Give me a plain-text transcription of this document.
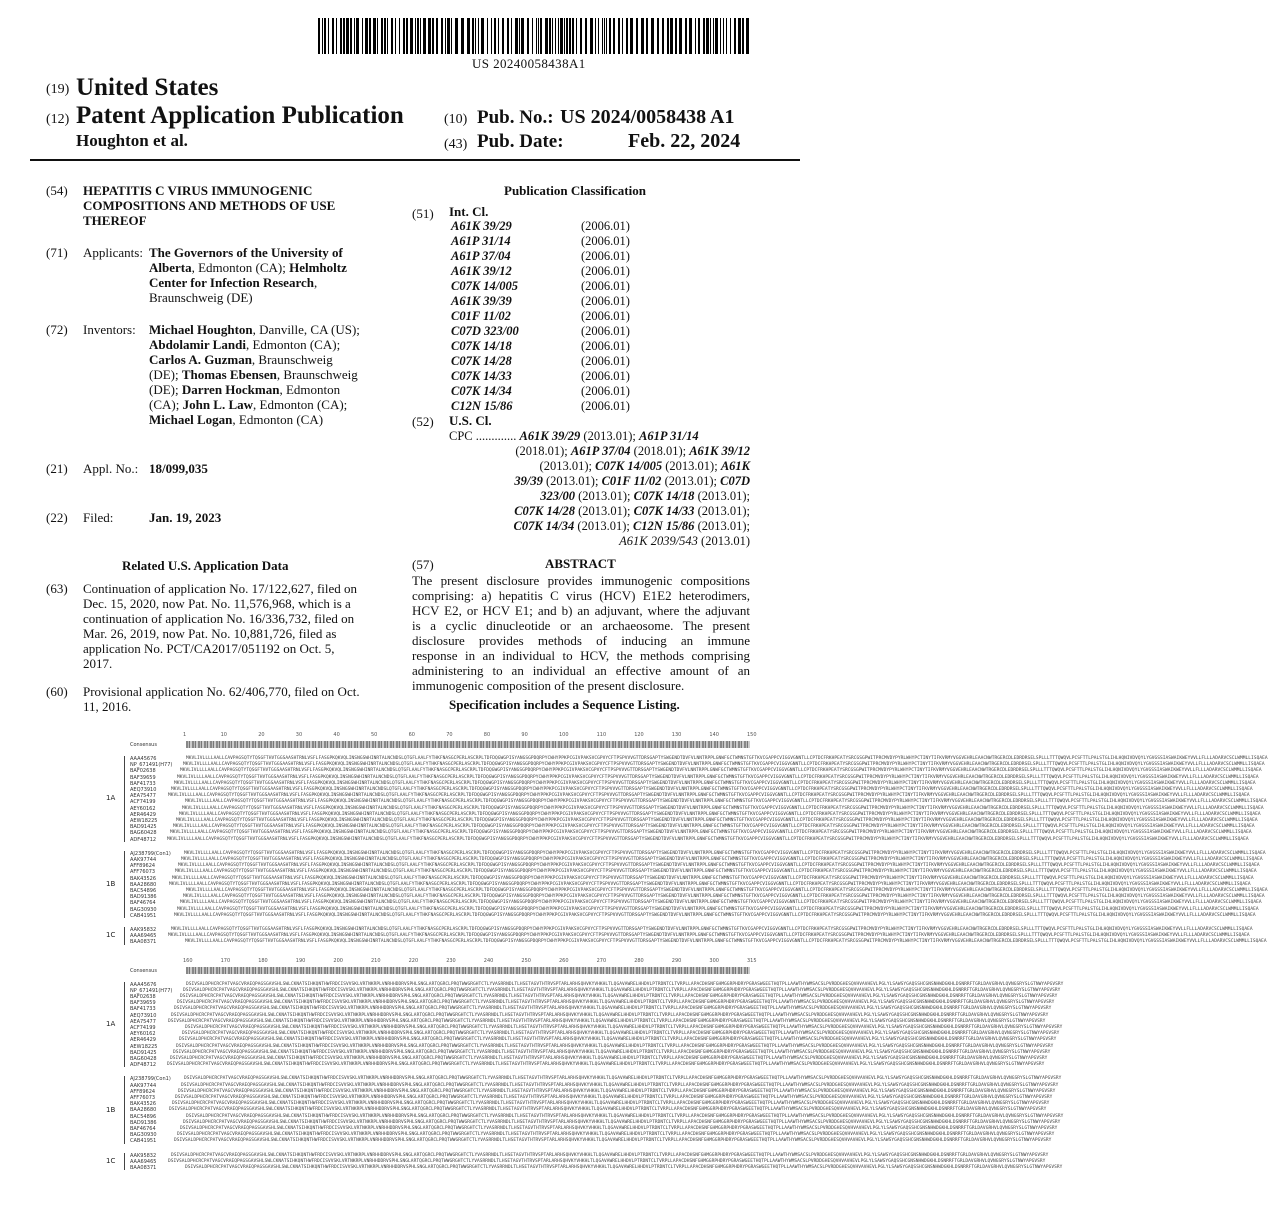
US 20240058438A1
(19) United States
(12) Patent Application Publication
Houghton et al.
(10) Pub. No.: US 2024/0058438 A1
(43) Pub. Date:	Feb. 22, 2024
(54) HEPATITIS C VIRUS IMMUNOGENIC
COMPOSITIONS AND METHODS OF USE
THEREOF
(71) Applicants: The Governors of the University of
Alberta, Edmonton (CA); Helmholtz
Center for Infection Research,
Braunschweig (DE)
(72) Inventors: Michael Houghton, Danville, CA (US);
Abdolamir Landi, Edmonton (CA);
Carlos A. Guzman, Braunschweig
(DE); Thomas Ebensen, Braunschweig
(DE); Darren Hockman, Edmonton
(CA); John L. Law, Edmonton (CA);
Michael Logan, Edmonton (CA)
(21) Appl. No.: 18/099,035
(22) Filed:	Jan. 19, 2023
Related U.S. Application Data
(63) Continuation of application No. 17/122,627, filed on
Dec. 15, 2020, now Pat. No. 11,576,968, which is a
continuation of application No. 16/336,732, filed on
Mar. 26, 2019, now Pat. No. 10,881,726, filed as
application No. PCT/CA2017/051192 on Oct. 5,
2017.
(60) Provisional application No. 62/406,770, filed on Oct.
11, 2016.
Publication Classification
(51) Int. Cl.
A61K 39/29	(2006.01)
A61P 31/14	(2006.01)
A61P 37/04	(2006.01)
A61K 39/12	(2006.01)
C07K 14/005	(2006.01)
A61K 39/39	(2006.01)
C01F 11/02	(2006.01)
C07D 323/00	(2006.01)
C07K 14/18	(2006.01)
C07K 14/28	(2006.01)
C07K 14/33	(2006.01)
C07K 14/34	(2006.01)
C12N 15/86	(2006.01)
(52) U.S. Cl.
CPC ............. A61K 39/29 (2013.01); A61P 31/14
(2018.01); A61P 37/04 (2018.01); A61K 39/12
(2013.01); C07K 14/005 (2013.01); A61K
39/39 (2013.01); C01F 11/02 (2013.01); C07D
323/00 (2013.01); C07K 14/18 (2013.01);
C07K 14/28 (2013.01); C07K 14/33 (2013.01);
C07K 14/34 (2013.01); C12N 15/86 (2013.01);
A61K 2039/543 (2013.01)
(57)	ABSTRACT
The present disclosure provides immunogenic compositions
comprising: a) hepatitis C virus (HCV) E1E2 heterodimers,
HCV E2, or HCV E1; and b) an adjuvant, where the adjuvant
is a cyclic dinucleotide or an archaeosome. The present
disclosure provides methods of inducing an immune
response in an individual to HCV, the methods comprising
administering to an individual an effective amount of an
immunogenic composition of the present disclosure.
Specification includes a Sequence Listing.
1	10	20	30	40	50	60	70	80	90	100	110	120	130	140	150
Consensus
AAA45676	MKVLIVLLLLAALLCAVPAGSQTYTQSGFTHVTGGSAASHTRNLVSFLFASGPKQKVQLINSNGSWHINRTALNCNDSLQTGFLAALFYTHKFNASGCPERLASCRPLTDFDQGWGPISYANGSGPDQRPYCWHYPPKPCGIVPAKSVCGPVYCFTPSPVVVGTTDRSGAPTYSWGENDTDVFVLNNTRPPLGNWFGCTWMNSTGFTKVCGAPPCVIGGVGNNTLLCPTDCFRKHPEATYSRCGSGPWITPRCMVDYPYRLWHYPCTINYTIFKVRMYVGGVEHRLEAACNWTRGERCDLEDRDRSELSPLLLTTTQWQVLPCSFTTLPALSTGLIHLHQNIVDVQYLYGVGSSIASWAIKWEYVVLLFLLLADARVCSCLWMMLLISQAEA
NP_671491(H77) MKVLIVLLLLAALLCAVPAGSQTYTQSGFTHVTGGSAASHTRNLVSFLFASGPKQKVQLINSNGSWHINRTALNCNDSLQTGFLAALFYTHKFNASGCPERLASCRPLTDFDQGWGPISYANGSGPDQRPYCWHYPPKPCGIVPAKSVCGPVYCFTPSPVVVGTTDRSGAPTYSWGENDTDVFVLNNTRPPLGNWFGCTWMNSTGFTKVCGAPPCVIGGVGNNTLLCPTDCFRKHPEATYSRCGSGPWITPRCMVDYPYRLWHYPCTINYTIFKVRMYVGGVEHRLEAACNWTRGERCDLEDRDRSELSPLLLTTTQWQVLPCSFTTLPALSTGLIHLHQNIVDVQYLYGVGSSIASWAIKWEYVVLLFLLLADARVCSCLWMMLLISQAEA
BAF02638	MKVLIVLLLLAALLCAVPAGSQTYTQSGFTHVTGGSAASHTRNLVSFLFASGPKQKVQLINSNGSWHINRTALNCNDSLQTGFLAALFYTHKFNASGCPERLASCRPLTDFDQGWGPISYANGSGPDQRPYCWHYPPKPCGIVPAKSVCGPVYCFTPSPVVVGTTDRSGAPTYSWGENDTDVFVLNNTRPPLGNWFGCTWMNSTGFTKVCGAPPCVIGGVGNNTLLCPTDCFRKHPEATYSRCGSGPWITPRCMVDYPYRLWHYPCTINYTIFKVRMYVGGVEHRLEAACNWTRGERCDLEDRDRSELSPLLLTTTQWQVLPCSFTTLPALSTGLIHLHQNIVDVQYLYGVGSSIASWAIKWEYVVLLFLLLADARVCSCLWMMLLISQAEA
BAF39659	MKVLIVLLLLAALLCAVPAGSQTYTQSGFTHVTGGSAASHTRNLVSFLFASGPKQKVQLINSNGSWHINRTALNCNDSLQTGFLAALFYTHKFNASGCPERLASCRPLTDFDQGWGPISYANGSGPDQRPYCWHYPPKPCGIVPAKSVCGPVYCFTPSPVVVGTTDRSGAPTYSWGENDTDVFVLNNTRPPLGNWFGCTWMNSTGFTKVCGAPPCVIGGVGNNTLLCPTDCFRKHPEATYSRCGSGPWITPRCMVDYPYRLWHYPCTINYTIFKVRMYVGGVEHRLEAACNWTRGERCDLEDRDRSELSPLLLTTTQWQVLPCSFTTLPALSTGLIHLHQNIVDVQYLYGVGSSIASWAIKWEYVVLLFLLLADARVCSCLWMMLLISQAEA
BAF41733	MKVLIVLLLLAALLCAVPAGSQTYTQSGFTHVTGGSAASHTRNLVSFLFASGPKQKVQLINSNGSWHINRTALNCNDSLQTGFLAALFYTHKFNASGCPERLASCRPLTDFDQGWGPISYANGSGPDQRPYCWHYPPKPCGIVPAKSVCGPVYCFTPSPVVVGTTDRSGAPTYSWGENDTDVFVLNNTRPPLGNWFGCTWMNSTGFTKVCGAPPCVIGGVGNNTLLCPTDCFRKHPEATYSRCGSGPWITPRCMVDYPYRLWHYPCTINYTIFKVRMYVGGVEHRLEAACNWTRGERCDLEDRDRSELSPLLLTTTQWQVLPCSFTTLPALSTGLIHLHQNIVDVQYLYGVGSSIASWAIKWEYVVLLFLLLADARVCSCLWMMLLISQAEA
AEQ73910	MKVLIVLLLLAALLCAVPAGSQTYTQSGFTHVTGGSAASHTRNLVSFLFASGPKQKVQLINSNGSWHINRTALNCNDSLQTGFLAALFYTHKFNASGCPERLASCRPLTDFDQGWGPISYANGSGPDQRPYCWHYPPKPCGIVPAKSVCGPVYCFTPSPVVVGTTDRSGAPTYSWGENDTDVFVLNNTRPPLGNWFGCTWMNSTGFTKVCGAPPCVIGGVGNNTLLCPTDCFRKHPEATYSRCGSGPWITPRCMVDYPYRLWHYPCTINYTIFKVRMYVGGVEHRLEAACNWTRGERCDLEDRDRSELSPLLLTTTQWQVLPCSFTTLPALSTGLIHLHQNIVDVQYLYGVGSSIASWAIKWEYVVLLFLLLADARVCSCLWMMLLISQAEA
AEA75477	MKVLIVLLLLAALLCAVPAGSQTYTQSGFTHVTGGSAASHTRNLVSFLFASGPKQKVQLINSNGSWHINRTALNCNDSLQTGFLAALFYTHKFNASGCPERLASCRPLTDFDQGWGPISYANGSGPDQRPYCWHYPPKPCGIVPAKSVCGPVYCFTPSPVVVGTTDRSGAPTYSWGENDTDVFVLNNTRPPLGNWFGCTWMNSTGFTKVCGAPPCVIGGVGNNTLLCPTDCFRKHPEATYSRCGSGPWITPRCMVDYPYRLWHYPCTINYTIFKVRMYVGGVEHRLEAACNWTRGERCDLEDRDRSELSPLLLTTTQWQVLPCSFTTLPALSTGLIHLHQNIVDVQYLYGVGSSIASWAIKWEYVVLLFLLLADARVCSCLWMMLLISQAEA
ACF74199	MKVLIVLLLLAALLCAVPAGSQTYTQSGFTHVTGGSAASHTRNLVSFLFASGPKQKVQLINSNGSWHINRTALNCNDSLQTGFLAALFYTHKFNASGCPERLASCRPLTDFDQGWGPISYANGSGPDQRPYCWHYPPKPCGIVPAKSVCGPVYCFTPSPVVVGTTDRSGAPTYSWGENDTDVFVLNNTRPPLGNWFGCTWMNSTGFTKVCGAPPCVIGGVGNNTLLCPTDCFRKHPEATYSRCGSGPWITPRCMVDYPYRLWHYPCTINYTIFKVRMYVGGVEHRLEAACNWTRGERCDLEDRDRSELSPLLLTTTQWQVLPCSFTTLPALSTGLIHLHQNIVDVQYLYGVGSSIASWAIKWEYVVLLFLLLADARVCSCLWMMLLISQAEA
AEY60162	MKVLIVLLLLAALLCAVPAGSQTYTQSGFTHVTGGSAASHTRNLVSFLFASGPKQKVQLINSNGSWHINRTALNCNDSLQTGFLAALFYTHKFNASGCPERLASCRPLTDFDQGWGPISYANGSGPDQRPYCWHYPPKPCGIVPAKSVCGPVYCFTPSPVVVGTTDRSGAPTYSWGENDTDVFVLNNTRPPLGNWFGCTWMNSTGFTKVCGAPPCVIGGVGNNTLLCPTDCFRKHPEATYSRCGSGPWITPRCMVDYPYRLWHYPCTINYTIFKVRMYVGGVEHRLEAACNWTRGERCDLEDRDRSELSPLLLTTTQWQVLPCSFTTLPALSTGLIHLHQNIVDVQYLYGVGSSIASWAIKWEYVVLLFLLLADARVCSCLWMMLLISQAEA
AER46429	MKVLIVLLLLAALLCAVPAGSQTYTQSGFTHVTGGSAASHTRNLVSFLFASGPKQKVQLINSNGSWHINRTALNCNDSLQTGFLAALFYTHKFNASGCPERLASCRPLTDFDQGWGPISYANGSGPDQRPYCWHYPPKPCGIVPAKSVCGPVYCFTPSPVVVGTTDRSGAPTYSWGENDTDVFVLNNTRPPLGNWFGCTWMNSTGFTKVCGAPPCVIGGVGNNTLLCPTDCFRKHPEATYSRCGSGPWITPRCMVDYPYRLWHYPCTINYTIFKVRMYVGGVEHRLEAACNWTRGERCDLEDRDRSELSPLLLTTTQWQVLPCSFTTLPALSTGLIHLHQNIVDVQYLYGVGSSIASWAIKWEYVVLLFLLLADARVCSCLWMMLLISQAEA
AEW18225	MKVLIVLLLLAALLCAVPAGSQTYTQSGFTHVTGGSAASHTRNLVSFLFASGPKQKVQLINSNGSWHINRTALNCNDSLQTGFLAALFYTHKFNASGCPERLASCRPLTDFDQGWGPISYANGSGPDQRPYCWHYPPKPCGIVPAKSVCGPVYCFTPSPVVVGTTDRSGAPTYSWGENDTDVFVLNNTRPPLGNWFGCTWMNSTGFTKVCGAPPCVIGGVGNNTLLCPTDCFRKHPEATYSRCGSGPWITPRCMVDYPYRLWHYPCTINYTIFKVRMYVGGVEHRLEAACNWTRGERCDLEDRDRSELSPLLLTTTQWQVLPCSFTTLPALSTGLIHLHQNIVDVQYLYGVGSSIASWAIKWEYVVLLFLLLADARVCSCLWMMLLISQAEA
BAD91425	MKVLIVLLLLAALLCAVPAGSQTYTQSGFTHVTGGSAASHTRNLVSFLFASGPKQKVQLINSNGSWHINRTALNCNDSLQTGFLAALFYTHKFNASGCPERLASCRPLTDFDQGWGPISYANGSGPDQRPYCWHYPPKPCGIVPAKSVCGPVYCFTPSPVVVGTTDRSGAPTYSWGENDTDVFVLNNTRPPLGNWFGCTWMNSTGFTKVCGAPPCVIGGVGNNTLLCPTDCFRKHPEATYSRCGSGPWITPRCMVDYPYRLWHYPCTINYTIFKVRMYVGGVEHRLEAACNWTRGERCDLEDRDRSELSPLLLTTTQWQVLPCSFTTLPALSTGLIHLHQNIVDVQYLYGVGSSIASWAIKWEYVVLLFLLLADARVCSCLWMMLLISQAEA
BAG60428	MKVLIVLLLLAALLCAVPAGSQTYTQSGFTHVTGGSAASHTRNLVSFLFASGPKQKVQLINSNGSWHINRTALNCNDSLQTGFLAALFYTHKFNASGCPERLASCRPLTDFDQGWGPISYANGSGPDQRPYCWHYPPKPCGIVPAKSVCGPVYCFTPSPVVVGTTDRSGAPTYSWGENDTDVFVLNNTRPPLGNWFGCTWMNSTGFTKVCGAPPCVIGGVGNNTLLCPTDCFRKHPEATYSRCGSGPWITPRCMVDYPYRLWHYPCTINYTIFKVRMYVGGVEHRLEAACNWTRGERCDLEDRDRSELSPLLLTTTQWQVLPCSFTTLPALSTGLIHLHQNIVDVQYLYGVGSSIASWAIKWEYVVLLFLLLADARVCSCLWMMLLISQAEA
ADF48712 MKVLIVLLLLAALLCAVPAGSQTYTQSGFTHVTGGSAASHTRNLVSFLFASGPKQKVQLINSNGSWHINRTALNCNDSLQTGFLAALFYTHKFNASGCPERLASCRPLTDFDQGWGPISYANGSGPDQRPYCWHYPPKPCGIVPAKSVCGPVYCFTPSPVVVGTTDRSGAPTYSWGENDTDVFVLNNTRPPLGNWFGCTWMNSTGFTKVCGAPPCVIGGVGNNTLLCPTDCFRKHPEATYSRCGSGPWITPRCMVDYPYRLWHYPCTINYTIFKVRMYVGGVEHRLEAACNWTRGERCDLEDRDRSELSPLLLTTTQWQVLPCSFTTLPALSTGLIHLHQNIVDVQYLYGVGSSIASWAIKWEYVVLLFLLLADARVCSCLWMMLLISQAEA
1A
AJ238799(Con1)	MKVLIVLLLLAALLCAVPAGSQTYTQSGFTHVTGGSAASHTRNLVSFLFASGPKQKVQLINSNGSWHINRTALNCNDSLQTGFLAALFYTHKFNASGCPERLASCRPLTDFDQGWGPISYANGSGPDQRPYCWHYPPKPCGIVPAKSVCGPVYCFTPSPVVVGTTDRSGAPTYSWGENDTDVFVLNNTRPPLGNWFGCTWMNSTGFTKVCGAPPCVIGGVGNNTLLCPTDCFRKHPEATYSRCGSGPWITPRCMVDYPYRLWHYPCTINYTIFKVRMYVGGVEHRLEAACNWTRGERCDLEDRDRSELSPLLLTTTQWQVLPCSFTTLPALSTGLIHLHQNIVDVQYLYGVGSSIASWAIKWEYVVLLFLLLADARVCSCLWMMLLISQAEA
AAK97744	MKVLIVLLLLAALLCAVPAGSQTYTQSGFTHVTGGSAASHTRNLVSFLFASGPKQKVQLINSNGSWHINRTALNCNDSLQTGFLAALFYTHKFNASGCPERLASCRPLTDFDQGWGPISYANGSGPDQRPYCWHYPPKPCGIVPAKSVCGPVYCFTPSPVVVGTTDRSGAPTYSWGENDTDVFVLNNTRPPLGNWFGCTWMNSTGFTKVCGAPPCVIGGVGNNTLLCPTDCFRKHPEATYSRCGSGPWITPRCMVDYPYRLWHYPCTINYTIFKVRMYVGGVEHRLEAACNWTRGERCDLEDRDRSELSPLLLTTTQWQVLPCSFTTLPALSTGLIHLHQNIVDVQYLYGVGSSIASWAIKWEYVVLLFLLLADARVCSCLWMMLLISQAEA
AFF89624	MKVLIVLLLLAALLCAVPAGSQTYTQSGFTHVTGGSAASHTRNLVSFLFASGPKQKVQLINSNGSWHINRTALNCNDSLQTGFLAALFYTHKFNASGCPERLASCRPLTDFDQGWGPISYANGSGPDQRPYCWHYPPKPCGIVPAKSVCGPVYCFTPSPVVVGTTDRSGAPTYSWGENDTDVFVLNNTRPPLGNWFGCTWMNSTGFTKVCGAPPCVIGGVGNNTLLCPTDCFRKHPEATYSRCGSGPWITPRCMVDYPYRLWHYPCTINYTIFKVRMYVGGVEHRLEAACNWTRGERCDLEDRDRSELSPLLLTTTQWQVLPCSFTTLPALSTGLIHLHQNIVDVQYLYGVGSSIASWAIKWEYVVLLFLLLADARVCSCLWMMLLISQAEA
AFF76073	MKVLIVLLLLAALLCAVPAGSQTYTQSGFTHVTGGSAASHTRNLVSFLFASGPKQKVQLINSNGSWHINRTALNCNDSLQTGFLAALFYTHKFNASGCPERLASCRPLTDFDQGWGPISYANGSGPDQRPYCWHYPPKPCGIVPAKSVCGPVYCFTPSPVVVGTTDRSGAPTYSWGENDTDVFVLNNTRPPLGNWFGCTWMNSTGFTKVCGAPPCVIGGVGNNTLLCPTDCFRKHPEATYSRCGSGPWITPRCMVDYPYRLWHYPCTINYTIFKVRMYVGGVEHRLEAACNWTRGERCDLEDRDRSELSPLLLTTTQWQVLPCSFTTLPALSTGLIHLHQNIVDVQYLYGVGSSIASWAIKWEYVVLLFLLLADARVCSCLWMMLLISQAEA
BAK43526	MKVLIVLLLLAALLCAVPAGSQTYTQSGFTHVTGGSAASHTRNLVSFLFASGPKQKVQLINSNGSWHINRTALNCNDSLQTGFLAALFYTHKFNASGCPERLASCRPLTDFDQGWGPISYANGSGPDQRPYCWHYPPKPCGIVPAKSVCGPVYCFTPSPVVVGTTDRSGAPTYSWGENDTDVFVLNNTRPPLGNWFGCTWMNSTGFTKVCGAPPCVIGGVGNNTLLCPTDCFRKHPEATYSRCGSGPWITPRCMVDYPYRLWHYPCTINYTIFKVRMYVGGVEHRLEAACNWTRGERCDLEDRDRSELSPLLLTTTQWQVLPCSFTTLPALSTGLIHLHQNIVDVQYLYGVGSSIASWAIKWEYVVLLFLLLADARVCSCLWMMLLISQAEA
BAA28680	MKVLIVLLLLAALLCAVPAGSQTYTQSGFTHVTGGSAASHTRNLVSFLFASGPKQKVQLINSNGSWHINRTALNCNDSLQTGFLAALFYTHKFNASGCPERLASCRPLTDFDQGWGPISYANGSGPDQRPYCWHYPPKPCGIVPAKSVCGPVYCFTPSPVVVGTTDRSGAPTYSWGENDTDVFVLNNTRPPLGNWFGCTWMNSTGFTKVCGAPPCVIGGVGNNTLLCPTDCFRKHPEATYSRCGSGPWITPRCMVDYPYRLWHYPCTINYTIFKVRMYVGGVEHRLEAACNWTRGERCDLEDRDRSELSPLLLTTTQWQVLPCSFTTLPALSTGLIHLHQNIVDVQYLYGVGSSIASWAIKWEYVVLLFLLLADARVCSCLWMMLLISQAEA
BAC54896	MKVLIVLLLLAALLCAVPAGSQTYTQSGFTHVTGGSAASHTRNLVSFLFASGPKQKVQLINSNGSWHINRTALNCNDSLQTGFLAALFYTHKFNASGCPERLASCRPLTDFDQGWGPISYANGSGPDQRPYCWHYPPKPCGIVPAKSVCGPVYCFTPSPVVVGTTDRSGAPTYSWGENDTDVFVLNNTRPPLGNWFGCTWMNSTGFTKVCGAPPCVIGGVGNNTLLCPTDCFRKHPEATYSRCGSGPWITPRCMVDYPYRLWHYPCTINYTIFKVRMYVGGVEHRLEAACNWTRGERCDLEDRDRSELSPLLLTTTQWQVLPCSFTTLPALSTGLIHLHQNIVDVQYLYGVGSSIASWAIKWEYVVLLFLLLADARVCSCLWMMLLISQAEA
BAD91386	MKVLIVLLLLAALLCAVPAGSQTYTQSGFTHVTGGSAASHTRNLVSFLFASGPKQKVQLINSNGSWHINRTALNCNDSLQTGFLAALFYTHKFNASGCPERLASCRPLTDFDQGWGPISYANGSGPDQRPYCWHYPPKPCGIVPAKSVCGPVYCFTPSPVVVGTTDRSGAPTYSWGENDTDVFVLNNTRPPLGNWFGCTWMNSTGFTKVCGAPPCVIGGVGNNTLLCPTDCFRKHPEATYSRCGSGPWITPRCMVDYPYRLWHYPCTINYTIFKVRMYVGGVEHRLEAACNWTRGERCDLEDRDRSELSPLLLTTTQWQVLPCSFTTLPALSTGLIHLHQNIVDVQYLYGVGSSIASWAIKWEYVVLLFLLLADARVCSCLWMMLLISQAEA
BAF46764	MKVLIVLLLLAALLCAVPAGSQTYTQSGFTHVTGGSAASHTRNLVSFLFASGPKQKVQLINSNGSWHINRTALNCNDSLQTGFLAALFYTHKFNASGCPERLASCRPLTDFDQGWGPISYANGSGPDQRPYCWHYPPKPCGIVPAKSVCGPVYCFTPSPVVVGTTDRSGAPTYSWGENDTDVFVLNNTRPPLGNWFGCTWMNSTGFTKVCGAPPCVIGGVGNNTLLCPTDCFRKHPEATYSRCGSGPWITPRCMVDYPYRLWHYPCTINYTIFKVRMYVGGVEHRLEAACNWTRGERCDLEDRDRSELSPLLLTTTQWQVLPCSFTTLPALSTGLIHLHQNIVDVQYLYGVGSSIASWAIKWEYVVLLFLLLADARVCSCLWMMLLISQAEA
BAG30930	MKVLIVLLLLAALLCAVPAGSQTYTQSGFTHVTGGSAASHTRNLVSFLFASGPKQKVQLINSNGSWHINRTALNCNDSLQTGFLAALFYTHKFNASGCPERLASCRPLTDFDQGWGPISYANGSGPDQRPYCWHYPPKPCGIVPAKSVCGPVYCFTPSPVVVGTTDRSGAPTYSWGENDTDVFVLNNTRPPLGNWFGCTWMNSTGFTKVCGAPPCVIGGVGNNTLLCPTDCFRKHPEATYSRCGSGPWITPRCMVDYPYRLWHYPCTINYTIFKVRMYVGGVEHRLEAACNWTRGERCDLEDRDRSELSPLLLTTTQWQVLPCSFTTLPALSTGLIHLHQNIVDVQYLYGVGSSIASWAIKWEYVVLLFLLLADARVCSCLWMMLLISQAEA
CAB41951	MKVLIVLLLLAALLCAVPAGSQTYTQSGFTHVTGGSAASHTRNLVSFLFASGPKQKVQLINSNGSWHINRTALNCNDSLQTGFLAALFYTHKFNASGCPERLASCRPLTDFDQGWGPISYANGSGPDQRPYCWHYPPKPCGIVPAKSVCGPVYCFTPSPVVVGTTDRSGAPTYSWGENDTDVFVLNNTRPPLGNWFGCTWMNSTGFTKVCGAPPCVIGGVGNNTLLCPTDCFRKHPEATYSRCGSGPWITPRCMVDYPYRLWHYPCTINYTIFKVRMYVGGVEHRLEAACNWTRGERCDLEDRDRSELSPLLLTTTQWQVLPCSFTTLPALSTGLIHLHQNIVDVQYLYGVGSSIASWAIKWEYVVLLFLLLADARVCSCLWMMLLISQAEA
1B
AAK95832	MKVLIVLLLLAALLCAVPAGSQTYTQSGFTHVTGGSAASHTRNLVSFLFASGPKQKVQLINSNGSWHINRTALNCNDSLQTGFLAALFYTHKFNASGCPERLASCRPLTDFDQGWGPISYANGSGPDQRPYCWHYPPKPCGIVPAKSVCGPVYCFTPSPVVVGTTDRSGAPTYSWGENDTDVFVLNNTRPPLGNWFGCTWMNSTGFTKVCGAPPCVIGGVGNNTLLCPTDCFRKHPEATYSRCGSGPWITPRCMVDYPYRLWHYPCTINYTIFKVRMYVGGVEHRLEAACNWTRGERCDLEDRDRSELSPLLLTTTQWQVLPCSFTTLPALSTGLIHLHQNIVDVQYLYGVGSSIASWAIKWEYVVLLFLLLADARVCSCLWMMLLISQAEA
AAA69465	MKVLIVLLLLAALLCAVPAGSQTYTQSGFTHVTGGSAASHTRNLVSFLFASGPKQKVQLINSNGSWHINRTALNCNDSLQTGFLAALFYTHKFNASGCPERLASCRPLTDFDQGWGPISYANGSGPDQRPYCWHYPPKPCGIVPAKSVCGPVYCFTPSPVVVGTTDRSGAPTYSWGENDTDVFVLNNTRPPLGNWFGCTWMNSTGFTKVCGAPPCVIGGVGNNTLLCPTDCFRKHPEATYSRCGSGPWITPRCMVDYPYRLWHYPCTINYTIFKVRMYVGGVEHRLEAACNWTRGERCDLEDRDRSELSPLLLTTTQWQVLPCSFTTLPALSTGLIHLHQNIVDVQYLYGVGSSIASWAIKWEYVVLLFLLLADARVCSCLWMMLLISQAEA
BAA08371	MKVLIVLLLLAALLCAVPAGSQTYTQSGFTHVTGGSAASHTRNLVSFLFASGPKQKVQLINSNGSWHINRTALNCNDSLQTGFLAALFYTHKFNASGCPERLASCRPLTDFDQGWGPISYANGSGPDQRPYCWHYPPKPCGIVPAKSVCGPVYCFTPSPVVVGTTDRSGAPTYSWGENDTDVFVLNNTRPPLGNWFGCTWMNSTGFTKVCGAPPCVIGGVGNNTLLCPTDCFRKHPEATYSRCGSGPWITPRCMVDYPYRLWHYPCTINYTIFKVRMYVGGVEHRLEAACNWTRGERCDLEDRDRSELSPLLLTTTQWQVLPCSFTTLPALSTGLIHLHQNIVDVQYLYGVGSSIASWAIKWEYVVLLFLLLADARVCSCLWMMLLISQAEA
1C
160	170	180	190	200	210	220	230	240	250	260	270	280	290	300	315
Consensus
AAA45676	DSIVSALDPHCRCPATVAGCVRAEQPAGSGAVSHLSWLCKNATSIHKQNTHWFRDCISVVSKLVRTNKRPLVNRHHDDRVSPHLSNGLARTQGRCLPRQTWWGRGHTCTLYVASRRNDLTLHSETAGVTHTRVSPTARLARHSQHVKYVHKHLTLQGAVAWRELHHDVLPTRDNTCLTVRPLLAPACDHSNFGHMGGRPHDRYPGRASWGEETHQTPLLAAWTHYWMSACSLPVRDDGHESQVHVAVHEVLPGLYLSAWSYGAQSSHCGNSNHWDGKHLDSNRRFTGRLDAVGRHVLQVNGSRYSLGTNWYAPGVSRY
NP_671491(H77) DSIVSALDPHCRCPATVAGCVRAEQPAGSGAVSHLSWLCKNATSIHKQNTHWFRDCISVVSKLVRTNKRPLVNRHHDDRVSPHLSNGLARTQGRCLPRQTWWGRGHTCTLYVASRRNDLTLHSETAGVTHTRVSPTARLARHSQHVKYVHKHLTLQGAVAWRELHHDVLPTRDNTCLTVRPLLAPACDHSNFGHMGGRPHDRYPGRASWGEETHQTPLLAAWTHYWMSACSLPVRDDGHESQVHVAVHEVLPGLYLSAWSYGAQSSHCGNSNHWDGKHLDSNRRFTGRLDAVGRHVLQVNGSRYSLGTNWYAPGVSRY
BAF02638	DSIVSALDPHCRCPATVAGCVRAEQPAGSGAVSHLSWLCKNATSIHKQNTHWFRDCISVVSKLVRTNKRPLVNRHHDDRVSPHLSNGLARTQGRCLPRQTWWGRGHTCTLYVASRRNDLTLHSETAGVTHTRVSPTARLARHSQHVKYVHKHLTLQGAVAWRELHHDVLPTRDNTCLTVRPLLAPACDHSNFGHMGGRPHDRYPGRASWGEETHQTPLLAAWTHYWMSACSLPVRDDGHESQVHVAVHEVLPGLYLSAWSYGAQSSHCGNSNHWDGKHLDSNRRFTGRLDAVGRHVLQVNGSRYSLGTNWYAPGVSRY
BAF39659	DSIVSALDPHCRCPATVAGCVRAEQPAGSGAVSHLSWLCKNATSIHKQNTHWFRDCISVVSKLVRTNKRPLVNRHHDDRVSPHLSNGLARTQGRCLPRQTWWGRGHTCTLYVASRRNDLTLHSETAGVTHTRVSPTARLARHSQHVKYVHKHLTLQGAVAWRELHHDVLPTRDNTCLTVRPLLAPACDHSNFGHMGGRPHDRYPGRASWGEETHQTPLLAAWTHYWMSACSLPVRDDGHESQVHVAVHEVLPGLYLSAWSYGAQSSHCGNSNHWDGKHLDSNRRFTGRLDAVGRHVLQVNGSRYSLGTNWYAPGVSRY
BAF41733	DSIVSALDPHCRCPATVAGCVRAEQPAGSGAVSHLSWLCKNATSIHKQNTHWFRDCISVVSKLVRTNKRPLVNRHHDDRVSPHLSNGLARTQGRCLPRQTWWGRGHTCTLYVASRRNDLTLHSETAGVTHTRVSPTARLARHSQHVKYVHKHLTLQGAVAWRELHHDVLPTRDNTCLTVRPLLAPACDHSNFGHMGGRPHDRYPGRASWGEETHQTPLLAAWTHYWMSACSLPVRDDGHESQVHVAVHEVLPGLYLSAWSYGAQSSHCGNSNHWDGKHLDSNRRFTGRLDAVGRHVLQVNGSRYSLGTNWYAPGVSRY
AEQ73910	DSIVSALDPHCRCPATVAGCVRAEQPAGSGAVSHLSWLCKNATSIHKQNTHWFRDCISVVSKLVRTNKRPLVNRHHDDRVSPHLSNGLARTQGRCLPRQTWWGRGHTCTLYVASRRNDLTLHSETAGVTHTRVSPTARLARHSQHVKYVHKHLTLQGAVAWRELHHDVLPTRDNTCLTVRPLLAPACDHSNFGHMGGRPHDRYPGRASWGEETHQTPLLAAWTHYWMSACSLPVRDDGHESQVHVAVHEVLPGLYLSAWSYGAQSSHCGNSNHWDGKHLDSNRRFTGRLDAVGRHVLQVNGSRYSLGTNWYAPGVSRY
AEA75477	DSIVSALDPHCRCPATVAGCVRAEQPAGSGAVSHLSWLCKNATSIHKQNTHWFRDCISVVSKLVRTNKRPLVNRHHDDRVSPHLSNGLARTQGRCLPRQTWWGRGHTCTLYVASRRNDLTLHSETAGVTHTRVSPTARLARHSQHVKYVHKHLTLQGAVAWRELHHDVLPTRDNTCLTVRPLLAPACDHSNFGHMGGRPHDRYPGRASWGEETHQTPLLAAWTHYWMSACSLPVRDDGHESQVHVAVHEVLPGLYLSAWSYGAQSSHCGNSNHWDGKHLDSNRRFTGRLDAVGRHVLQVNGSRYSLGTNWYAPGVSRY
ACF74199	DSIVSALDPHCRCPATVAGCVRAEQPAGSGAVSHLSWLCKNATSIHKQNTHWFRDCISVVSKLVRTNKRPLVNRHHDDRVSPHLSNGLARTQGRCLPRQTWWGRGHTCTLYVASRRNDLTLHSETAGVTHTRVSPTARLARHSQHVKYVHKHLTLQGAVAWRELHHDVLPTRDNTCLTVRPLLAPACDHSNFGHMGGRPHDRYPGRASWGEETHQTPLLAAWTHYWMSACSLPVRDDGHESQVHVAVHEVLPGLYLSAWSYGAQSSHCGNSNHWDGKHLDSNRRFTGRLDAVGRHVLQVNGSRYSLGTNWYAPGVSRY
AEY60162	DSIVSALDPHCRCPATVAGCVRAEQPAGSGAVSHLSWLCKNATSIHKQNTHWFRDCISVVSKLVRTNKRPLVNRHHDDRVSPHLSNGLARTQGRCLPRQTWWGRGHTCTLYVASRRNDLTLHSETAGVTHTRVSPTARLARHSQHVKYVHKHLTLQGAVAWRELHHDVLPTRDNTCLTVRPLLAPACDHSNFGHMGGRPHDRYPGRASWGEETHQTPLLAAWTHYWMSACSLPVRDDGHESQVHVAVHEVLPGLYLSAWSYGAQSSHCGNSNHWDGKHLDSNRRFTGRLDAVGRHVLQVNGSRYSLGTNWYAPGVSRY
AER46429	DSIVSALDPHCRCPATVAGCVRAEQPAGSGAVSHLSWLCKNATSIHKQNTHWFRDCISVVSKLVRTNKRPLVNRHHDDRVSPHLSNGLARTQGRCLPRQTWWGRGHTCTLYVASRRNDLTLHSETAGVTHTRVSPTARLARHSQHVKYVHKHLTLQGAVAWRELHHDVLPTRDNTCLTVRPLLAPACDHSNFGHMGGRPHDRYPGRASWGEETHQTPLLAAWTHYWMSACSLPVRDDGHESQVHVAVHEVLPGLYLSAWSYGAQSSHCGNSNHWDGKHLDSNRRFTGRLDAVGRHVLQVNGSRYSLGTNWYAPGVSRY
AEW18225	DSIVSALDPHCRCPATVAGCVRAEQPAGSGAVSHLSWLCKNATSIHKQNTHWFRDCISVVSKLVRTNKRPLVNRHHDDRVSPHLSNGLARTQGRCLPRQTWWGRGHTCTLYVASRRNDLTLHSETAGVTHTRVSPTARLARHSQHVKYVHKHLTLQGAVAWRELHHDVLPTRDNTCLTVRPLLAPACDHSNFGHMGGRPHDRYPGRASWGEETHQTPLLAAWTHYWMSACSLPVRDDGHESQVHVAVHEVLPGLYLSAWSYGAQSSHCGNSNHWDGKHLDSNRRFTGRLDAVGRHVLQVNGSRYSLGTNWYAPGVSRY
BAD91425	DSIVSALDPHCRCPATVAGCVRAEQPAGSGAVSHLSWLCKNATSIHKQNTHWFRDCISVVSKLVRTNKRPLVNRHHDDRVSPHLSNGLARTQGRCLPRQTWWGRGHTCTLYVASRRNDLTLHSETAGVTHTRVSPTARLARHSQHVKYVHKHLTLQGAVAWRELHHDVLPTRDNTCLTVRPLLAPACDHSNFGHMGGRPHDRYPGRASWGEETHQTPLLAAWTHYWMSACSLPVRDDGHESQVHVAVHEVLPGLYLSAWSYGAQSSHCGNSNHWDGKHLDSNRRFTGRLDAVGRHVLQVNGSRYSLGTNWYAPGVSRY
BAG60428	DSIVSALDPHCRCPATVAGCVRAEQPAGSGAVSHLSWLCKNATSIHKQNTHWFRDCISVVSKLVRTNKRPLVNRHHDDRVSPHLSNGLARTQGRCLPRQTWWGRGHTCTLYVASRRNDLTLHSETAGVTHTRVSPTARLARHSQHVKYVHKHLTLQGAVAWRELHHDVLPTRDNTCLTVRPLLAPACDHSNFGHMGGRPHDRYPGRASWGEETHQTPLLAAWTHYWMSACSLPVRDDGHESQVHVAVHEVLPGLYLSAWSYGAQSSHCGNSNHWDGKHLDSNRRFTGRLDAVGRHVLQVNGSRYSLGTNWYAPGVSRY
ADF48712 DSIVSALDPHCRCPATVAGCVRAEQPAGSGAVSHLSWLCKNATSIHKQNTHWFRDCISVVSKLVRTNKRPLVNRHHDDRVSPHLSNGLARTQGRCLPRQTWWGRGHTCTLYVASRRNDLTLHSETAGVTHTRVSPTARLARHSQHVKYVHKHLTLQGAVAWRELHHDVLPTRDNTCLTVRPLLAPACDHSNFGHMGGRPHDRYPGRASWGEETHQTPLLAAWTHYWMSACSLPVRDDGHESQVHVAVHEVLPGLYLSAWSYGAQSSHCGNSNHWDGKHLDSNRRFTGRLDAVGRHVLQVNGSRYSLGTNWYAPGVSRY
1A
AJ238799(Con1)	DSIVSALDPHCRCPATVAGCVRAEQPAGSGAVSHLSWLCKNATSIHKQNTHWFRDCISVVSKLVRTNKRPLVNRHHDDRVSPHLSNGLARTQGRCLPRQTWWGRGHTCTLYVASRRNDLTLHSETAGVTHTRVSPTARLARHSQHVKYVHKHLTLQGAVAWRELHHDVLPTRDNTCLTVRPLLAPACDHSNFGHMGGRPHDRYPGRASWGEETHQTPLLAAWTHYWMSACSLPVRDDGHESQVHVAVHEVLPGLYLSAWSYGAQSSHCGNSNHWDGKHLDSNRRFTGRLDAVGRHVLQVNGSRYSLGTNWYAPGVSRY
AAK97744	DSIVSALDPHCRCPATVAGCVRAEQPAGSGAVSHLSWLCKNATSIHKQNTHWFRDCISVVSKLVRTNKRPLVNRHHDDRVSPHLSNGLARTQGRCLPRQTWWGRGHTCTLYVASRRNDLTLHSETAGVTHTRVSPTARLARHSQHVKYVHKHLTLQGAVAWRELHHDVLPTRDNTCLTVRPLLAPACDHSNFGHMGGRPHDRYPGRASWGEETHQTPLLAAWTHYWMSACSLPVRDDGHESQVHVAVHEVLPGLYLSAWSYGAQSSHCGNSNHWDGKHLDSNRRFTGRLDAVGRHVLQVNGSRYSLGTNWYAPGVSRY
AFF89624	DSIVSALDPHCRCPATVAGCVRAEQPAGSGAVSHLSWLCKNATSIHKQNTHWFRDCISVVSKLVRTNKRPLVNRHHDDRVSPHLSNGLARTQGRCLPRQTWWGRGHTCTLYVASRRNDLTLHSETAGVTHTRVSPTARLARHSQHVKYVHKHLTLQGAVAWRELHHDVLPTRDNTCLTVRPLLAPACDHSNFGHMGGRPHDRYPGRASWGEETHQTPLLAAWTHYWMSACSLPVRDDGHESQVHVAVHEVLPGLYLSAWSYGAQSSHCGNSNHWDGKHLDSNRRFTGRLDAVGRHVLQVNGSRYSLGTNWYAPGVSRY
AFF76073	DSIVSALDPHCRCPATVAGCVRAEQPAGSGAVSHLSWLCKNATSIHKQNTHWFRDCISVVSKLVRTNKRPLVNRHHDDRVSPHLSNGLARTQGRCLPRQTWWGRGHTCTLYVASRRNDLTLHSETAGVTHTRVSPTARLARHSQHVKYVHKHLTLQGAVAWRELHHDVLPTRDNTCLTVRPLLAPACDHSNFGHMGGRPHDRYPGRASWGEETHQTPLLAAWTHYWMSACSLPVRDDGHESQVHVAVHEVLPGLYLSAWSYGAQSSHCGNSNHWDGKHLDSNRRFTGRLDAVGRHVLQVNGSRYSLGTNWYAPGVSRY
BAK43526	DSIVSALDPHCRCPATVAGCVRAEQPAGSGAVSHLSWLCKNATSIHKQNTHWFRDCISVVSKLVRTNKRPLVNRHHDDRVSPHLSNGLARTQGRCLPRQTWWGRGHTCTLYVASRRNDLTLHSETAGVTHTRVSPTARLARHSQHVKYVHKHLTLQGAVAWRELHHDVLPTRDNTCLTVRPLLAPACDHSNFGHMGGRPHDRYPGRASWGEETHQTPLLAAWTHYWMSACSLPVRDDGHESQVHVAVHEVLPGLYLSAWSYGAQSSHCGNSNHWDGKHLDSNRRFTGRLDAVGRHVLQVNGSRYSLGTNWYAPGVSRY
BAA28680	DSIVSALDPHCRCPATVAGCVRAEQPAGSGAVSHLSWLCKNATSIHKQNTHWFRDCISVVSKLVRTNKRPLVNRHHDDRVSPHLSNGLARTQGRCLPRQTWWGRGHTCTLYVASRRNDLTLHSETAGVTHTRVSPTARLARHSQHVKYVHKHLTLQGAVAWRELHHDVLPTRDNTCLTVRPLLAPACDHSNFGHMGGRPHDRYPGRASWGEETHQTPLLAAWTHYWMSACSLPVRDDGHESQVHVAVHEVLPGLYLSAWSYGAQSSHCGNSNHWDGKHLDSNRRFTGRLDAVGRHVLQVNGSRYSLGTNWYAPGVSRY
BAC54896	DSIVSALDPHCRCPATVAGCVRAEQPAGSGAVSHLSWLCKNATSIHKQNTHWFRDCISVVSKLVRTNKRPLVNRHHDDRVSPHLSNGLARTQGRCLPRQTWWGRGHTCTLYVASRRNDLTLHSETAGVTHTRVSPTARLARHSQHVKYVHKHLTLQGAVAWRELHHDVLPTRDNTCLTVRPLLAPACDHSNFGHMGGRPHDRYPGRASWGEETHQTPLLAAWTHYWMSACSLPVRDDGHESQVHVAVHEVLPGLYLSAWSYGAQSSHCGNSNHWDGKHLDSNRRFTGRLDAVGRHVLQVNGSRYSLGTNWYAPGVSRY
BAD91386	DSIVSALDPHCRCPATVAGCVRAEQPAGSGAVSHLSWLCKNATSIHKQNTHWFRDCISVVSKLVRTNKRPLVNRHHDDRVSPHLSNGLARTQGRCLPRQTWWGRGHTCTLYVASRRNDLTLHSETAGVTHTRVSPTARLARHSQHVKYVHKHLTLQGAVAWRELHHDVLPTRDNTCLTVRPLLAPACDHSNFGHMGGRPHDRYPGRASWGEETHQTPLLAAWTHYWMSACSLPVRDDGHESQVHVAVHEVLPGLYLSAWSYGAQSSHCGNSNHWDGKHLDSNRRFTGRLDAVGRHVLQVNGSRYSLGTNWYAPGVSRY
BAF46764	DSIVSALDPHCRCPATVAGCVRAEQPAGSGAVSHLSWLCKNATSIHKQNTHWFRDCISVVSKLVRTNKRPLVNRHHDDRVSPHLSNGLARTQGRCLPRQTWWGRGHTCTLYVASRRNDLTLHSETAGVTHTRVSPTARLARHSQHVKYVHKHLTLQGAVAWRELHHDVLPTRDNTCLTVRPLLAPACDHSNFGHMGGRPHDRYPGRASWGEETHQTPLLAAWTHYWMSACSLPVRDDGHESQVHVAVHEVLPGLYLSAWSYGAQSSHCGNSNHWDGKHLDSNRRFTGRLDAVGRHVLQVNGSRYSLGTNWYAPGVSRY
BAG30930	DSIVSALDPHCRCPATVAGCVRAEQPAGSGAVSHLSWLCKNATSIHKQNTHWFRDCISVVSKLVRTNKRPLVNRHHDDRVSPHLSNGLARTQGRCLPRQTWWGRGHTCTLYVASRRNDLTLHSETAGVTHTRVSPTARLARHSQHVKYVHKHLTLQGAVAWRELHHDVLPTRDNTCLTVRPLLAPACDHSNFGHMGGRPHDRYPGRASWGEETHQTPLLAAWTHYWMSACSLPVRDDGHESQVHVAVHEVLPGLYLSAWSYGAQSSHCGNSNHWDGKHLDSNRRFTGRLDAVGRHVLQVNGSRYSLGTNWYAPGVSRY
CAB41951	DSIVSALDPHCRCPATVAGCVRAEQPAGSGAVSHLSWLCKNATSIHKQNTHWFRDCISVVSKLVRTNKRPLVNRHHDDRVSPHLSNGLARTQGRCLPRQTWWGRGHTCTLYVASRRNDLTLHSETAGVTHTRVSPTARLARHSQHVKYVHKHLTLQGAVAWRELHHDVLPTRDNTCLTVRPLLAPACDHSNFGHMGGRPHDRYPGRASWGEETHQTPLLAAWTHYWMSACSLPVRDDGHESQVHVAVHEVLPGLYLSAWSYGAQSSHCGNSNHWDGKHLDSNRRFTGRLDAVGRHVLQVNGSRYSLGTNWYAPGVSRY
1B
AAK95832	DSIVSALDPHCRCPATVAGCVRAEQPAGSGAVSHLSWLCKNATSIHKQNTHWFRDCISVVSKLVRTNKRPLVNRHHDDRVSPHLSNGLARTQGRCLPRQTWWGRGHTCTLYVASRRNDLTLHSETAGVTHTRVSPTARLARHSQHVKYVHKHLTLQGAVAWRELHHDVLPTRDNTCLTVRPLLAPACDHSNFGHMGGRPHDRYPGRASWGEETHQTPLLAAWTHYWMSACSLPVRDDGHESQVHVAVHEVLPGLYLSAWSYGAQSSHCGNSNHWDGKHLDSNRRFTGRLDAVGRHVLQVNGSRYSLGTNWYAPGVSRY
AAA69465	DSIVSALDPHCRCPATVAGCVRAEQPAGSGAVSHLSWLCKNATSIHKQNTHWFRDCISVVSKLVRTNKRPLVNRHHDDRVSPHLSNGLARTQGRCLPRQTWWGRGHTCTLYVASRRNDLTLHSETAGVTHTRVSPTARLARHSQHVKYVHKHLTLQGAVAWRELHHDVLPTRDNTCLTVRPLLAPACDHSNFGHMGGRPHDRYPGRASWGEETHQTPLLAAWTHYWMSACSLPVRDDGHESQVHVAVHEVLPGLYLSAWSYGAQSSHCGNSNHWDGKHLDSNRRFTGRLDAVGRHVLQVNGSRYSLGTNWYAPGVSRY
BAA08371	DSIVSALDPHCRCPATVAGCVRAEQPAGSGAVSHLSWLCKNATSIHKQNTHWFRDCISVVSKLVRTNKRPLVNRHHDDRVSPHLSNGLARTQGRCLPRQTWWGRGHTCTLYVASRRNDLTLHSETAGVTHTRVSPTARLARHSQHVKYVHKHLTLQGAVAWRELHHDVLPTRDNTCLTVRPLLAPACDHSNFGHMGGRPHDRYPGRASWGEETHQTPLLAAWTHYWMSACSLPVRDDGHESQVHVAVHEVLPGLYLSAWSYGAQSSHCGNSNHWDGKHLDSNRRFTGRLDAVGRHVLQVNGSRYSLGTNWYAPGVSRY
1C
